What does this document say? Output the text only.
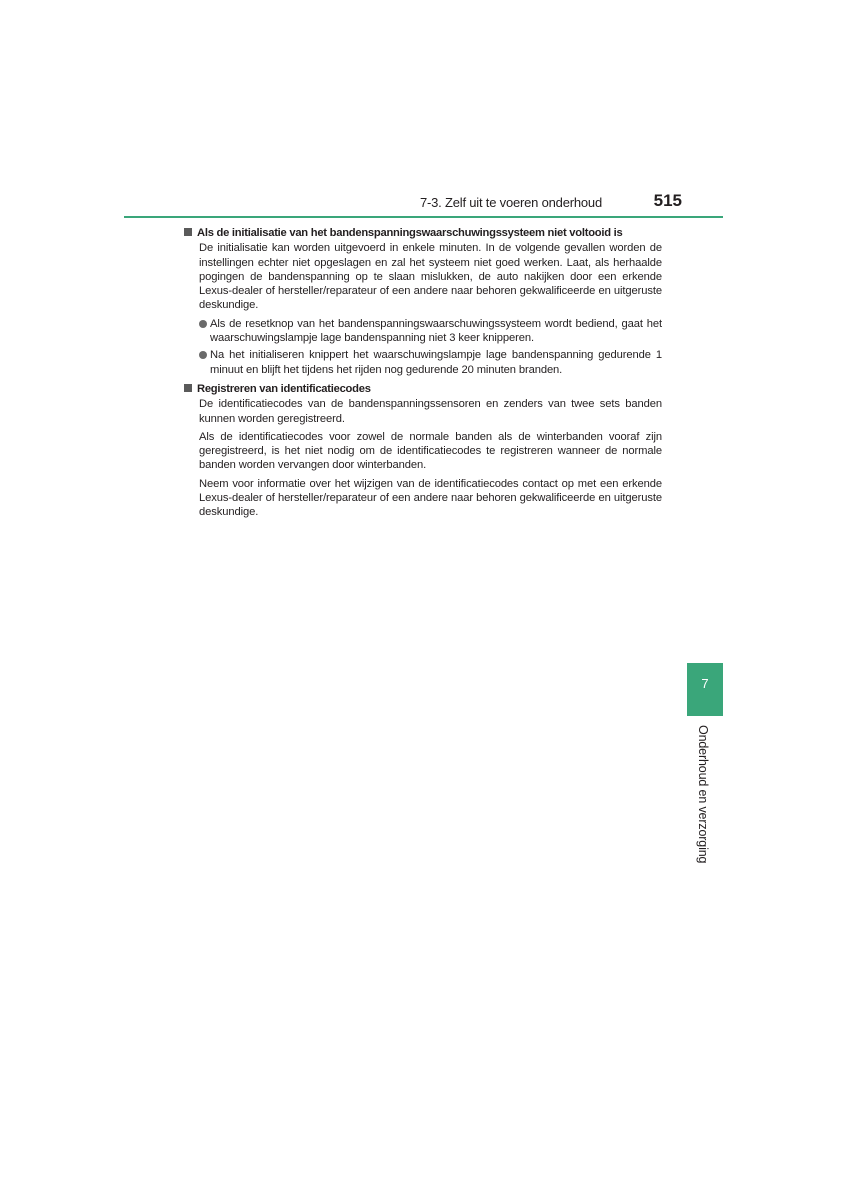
7-3. Zelf uit te voeren onderhoud	515
Als de initialisatie van het bandenspanningswaarschuwingssysteem niet voltooid is

De initialisatie kan worden uitgevoerd in enkele minuten. In de volgende gevallen worden de instellingen echter niet opgeslagen en zal het systeem niet goed werken. Laat, als herhaalde pogingen de bandenspanning op te slaan mislukken, de auto nakijken door een erkende Lexus-dealer of hersteller/reparateur of een andere naar behoren gekwalificeerde en uitgeruste deskundige.

Als de resetknop van het bandenspanningswaarschuwingssysteem wordt bediend, gaat het waarschuwingslampje lage bandenspanning niet 3 keer knipperen.
Na het initialiseren knippert het waarschuwingslampje lage bandenspanning gedurende 1 minuut en blijft het tijdens het rijden nog gedurende 20 minuten branden.
Registreren van identificatiecodes

De identificatiecodes van de bandenspanningssensoren en zenders van twee sets banden kunnen worden geregistreerd.

Als de identificatiecodes voor zowel de normale banden als de winterbanden vooraf zijn geregistreerd, is het niet nodig om de identificatiecodes te registreren wanneer de normale banden worden vervangen door winterbanden.

Neem voor informatie over het wijzigen van de identificatiecodes contact op met een erkende Lexus-dealer of hersteller/reparateur of een andere naar behoren gekwalificeerde en uitgeruste deskundige.

7
Onderhoud en verzorging
